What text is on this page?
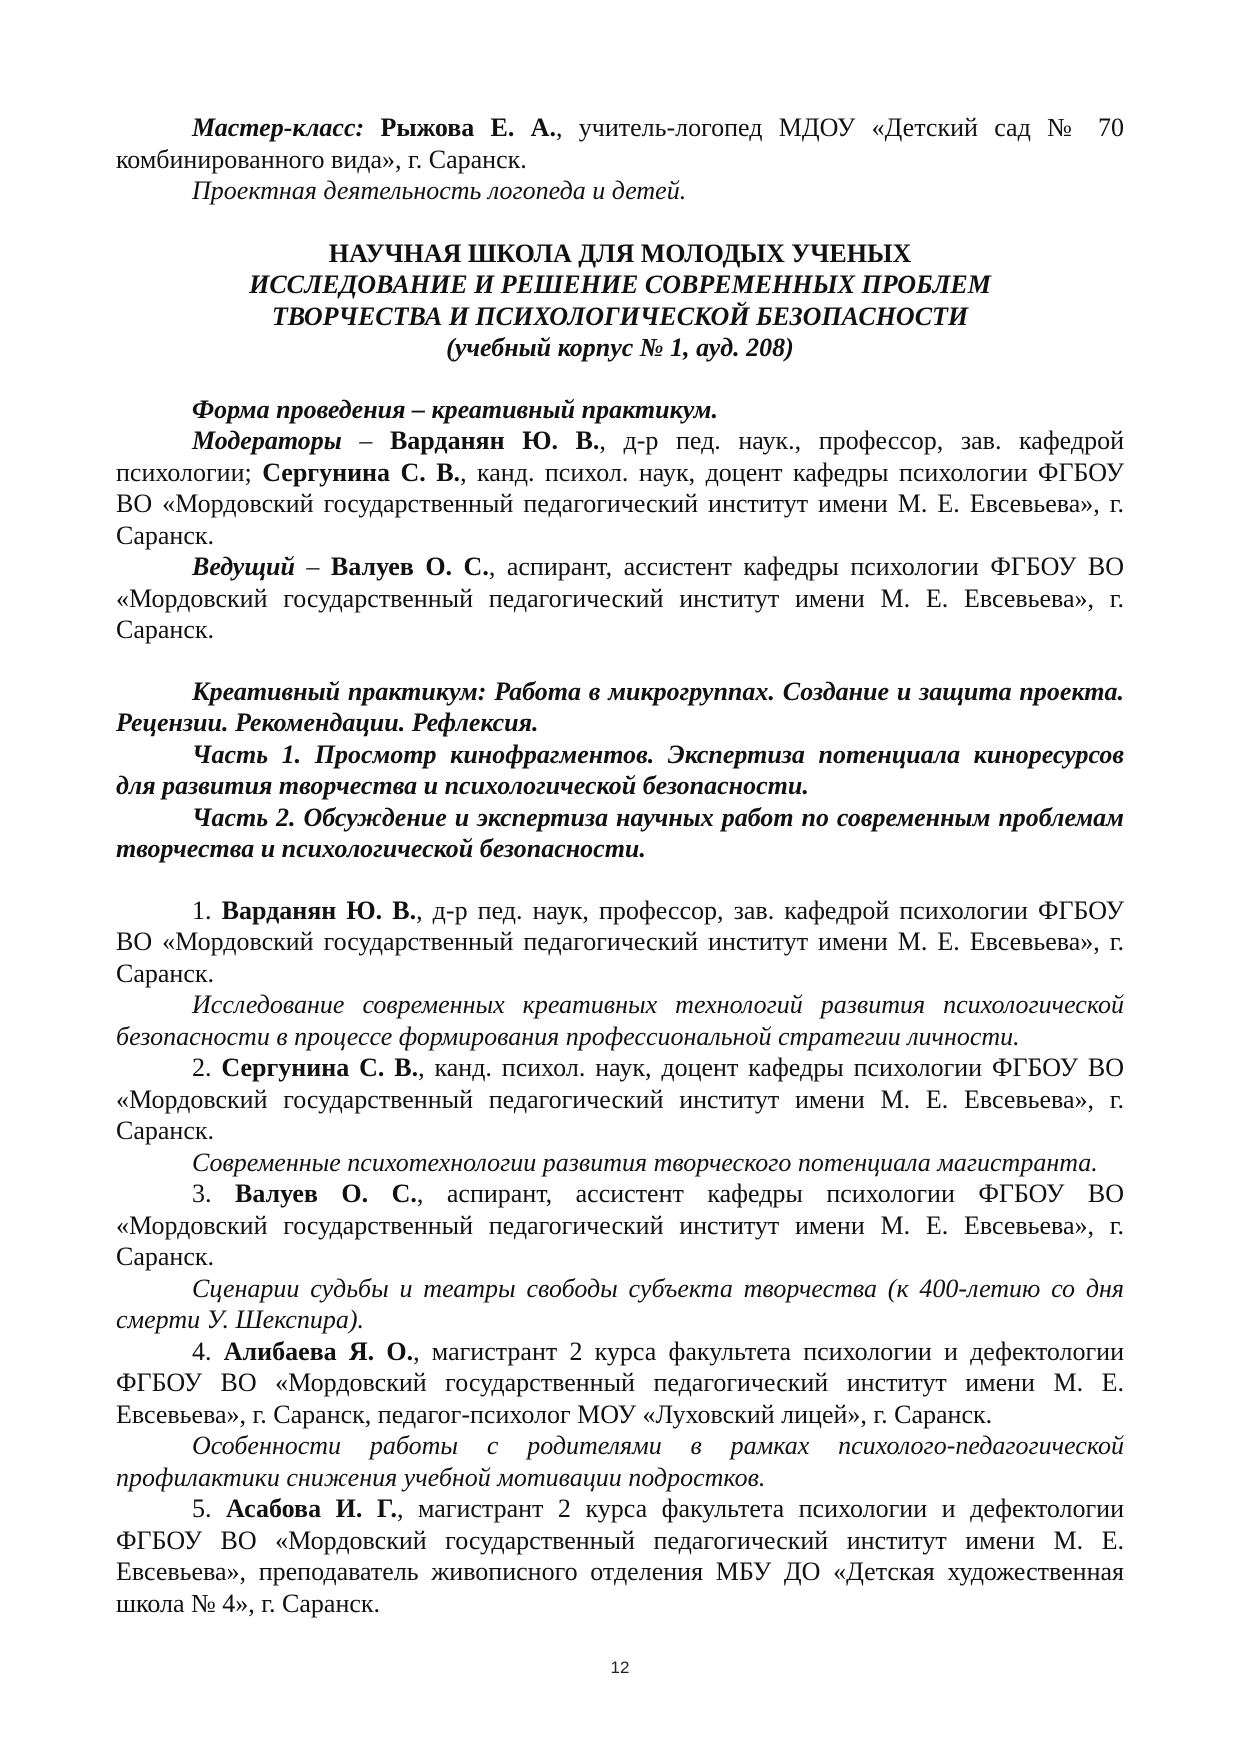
Мастер-класс: Рыжова Е. А., учитель-логопед МДОУ «Детский сад № 70 комбинированного вида», г. Саранск.

Проектная деятельность логопеда и детей.

НАУЧНАЯ ШКОЛА ДЛЯ МОЛОДЫХ УЧЕНЫХ
ИССЛЕДОВАНИЕ И РЕШЕНИЕ СОВРЕМЕННЫХ ПРОБЛЕМ
ТВОРЧЕСТВА И ПСИХОЛОГИЧЕСКОЙ БЕЗОПАСНОСТИ
(учебный корпус № 1, ауд. 208)

Форма проведения – креативный практикум.

Модераторы – Варданян Ю. В., д-р пед. наук., профессор, зав. кафедрой психологии; Сергунина С. В., канд. психол. наук, доцент кафедры психологии ФГБОУ ВО «Мордовский государственный педагогический институт имени М. Е. Евсевьева», г. Саранск.

Ведущий – Валуев О. С., аспирант, ассистент кафедры психологии ФГБОУ ВО «Мордовский государственный педагогический институт имени М. Е. Евсевьева», г. Саранск.

Креативный практикум: Работа в микрогруппах. Создание и защита проекта. Рецензии. Рекомендации. Рефлексия.

Часть 1. Просмотр кинофрагментов. Экспертиза потенциала киноресурсов для развития творчества и психологической безопасности.

Часть 2. Обсуждение и экспертиза научных работ по современным проблемам творчества и психологической безопасности.

1. Варданян Ю. В., д-р пед. наук, профессор, зав. кафедрой психологии ФГБОУ ВО «Мордовский государственный педагогический институт имени М. Е. Евсевьева», г. Саранск.

Исследование современных креативных технологий развития психологической безопасности в процессе формирования профессиональной стратегии личности.

2. Сергунина С. В., канд. психол. наук, доцент кафедры психологии ФГБОУ ВО «Мордовский государственный педагогический институт имени М. Е. Евсевьева», г. Саранск.

Современные психотехнологии развития творческого потенциала магистранта.

3. Валуев О. С., аспирант, ассистент кафедры психологии ФГБОУ ВО «Мордовский государственный педагогический институт имени М. Е. Евсевьева», г. Саранск.

Сценарии судьбы и театры свободы субъекта творчества (к 400-летию со дня смерти У. Шекспира).

4. Алибаева Я. О., магистрант 2 курса факультета психологии и дефектологии ФГБОУ ВО «Мордовский государственный педагогический институт имени М. Е. Евсевьева», г. Саранск, педагог-психолог МОУ «Луховский лицей», г. Саранск.

Особенности работы с родителями в рамках психолого-педагогической профилактики снижения учебной мотивации подростков.

5. Асабова И. Г., магистрант 2 курса факультета психологии и дефектологии ФГБОУ ВО «Мордовский государственный педагогический институт имени М. Е. Евсевьева», преподаватель живописного отделения МБУ ДО «Детская художественная школа № 4», г. Саранск.

12
